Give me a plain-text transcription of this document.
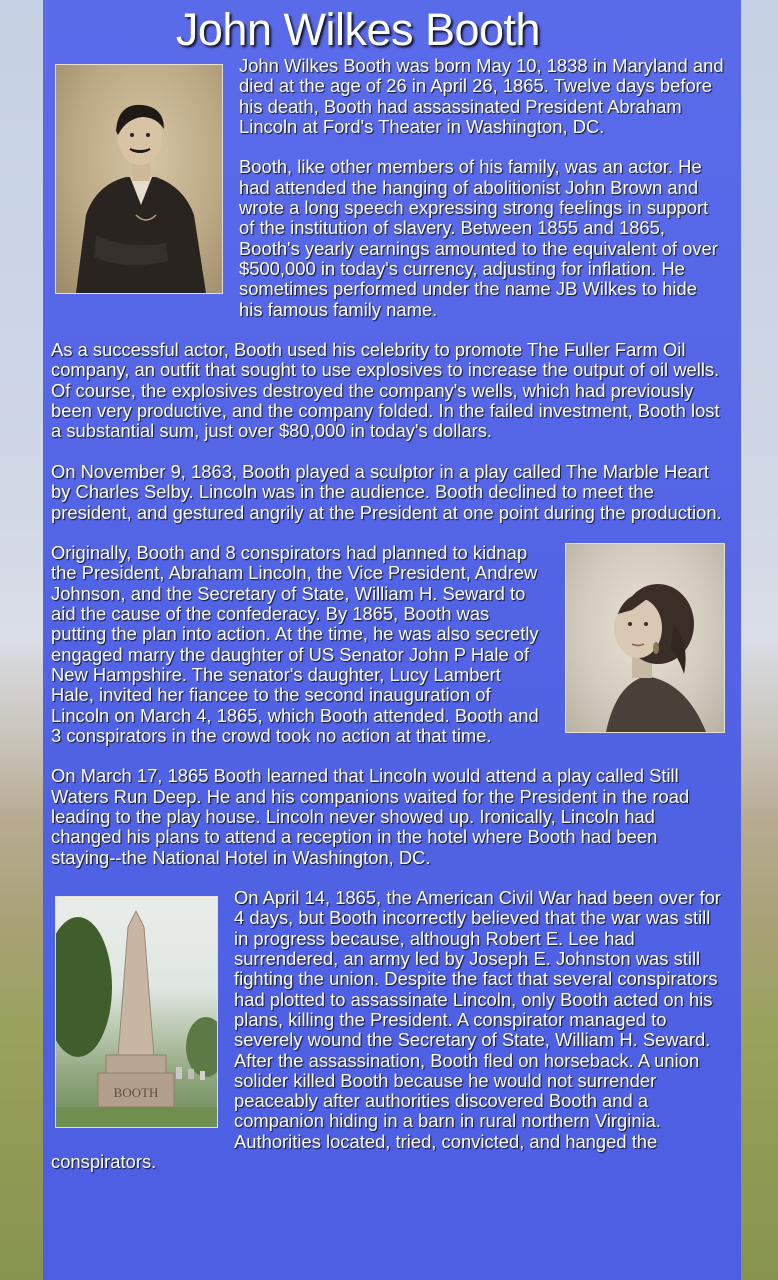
John Wilkes Booth

John Wilkes Booth was born May 10, 1838 in Maryland and died at the age of 26 in April 26, 1865. Twelve days before his death, Booth had assassinated President Abraham Lincoln at Ford's Theater in Washington, DC.

Booth, like other members of his family, was an actor. He had attended the hanging of abolitionist John Brown and wrote a long speech expressing strong feelings in support of the institution of slavery. Between 1855 and 1865, Booth's yearly earnings amounted to the equivalent of over $500,000 in today's currency, adjusting for inflation. He sometimes performed under the name JB Wilkes to hide his famous family name.

As a successful actor, Booth used his celebrity to promote The Fuller Farm Oil company, an outfit that sought to use explosives to increase the output of oil wells. Of course, the explosives destroyed the company's wells, which had previously been very productive, and the company folded. In the failed investment, Booth lost a substantial sum, just over $80,000 in today's dollars.

On November 9, 1863, Booth played a sculptor in a play called The Marble Heart by Charles Selby. Lincoln was in the audience. Booth declined to meet the president, and gestured angrily at the President at one point during the production.

Originally, Booth and 8 conspirators had planned to kidnap the President, Abraham Lincoln, the Vice President, Andrew Johnson, and the Secretary of State, William H. Seward to aid the cause of the confederacy. By 1865, Booth was putting the plan into action. At the time, he was also secretly engaged marry the daughter of US Senator John P Hale of New Hampshire. The senator's daughter, Lucy Lambert Hale, invited her fiancee to the second inauguration of Lincoln on March 4, 1865, which Booth attended. Booth and 3 conspirators in the crowd took no action at that time.

On March 17, 1865 Booth learned that Lincoln would attend a play called Still Waters Run Deep. He and his companions waited for the President in the road leading to the play house. Lincoln never showed up. Ironically, Lincoln had changed his plans to attend a reception in the hotel where Booth had been staying--the National Hotel in Washington, DC.

BOOTH

On April 14, 1865, the American Civil War had been over for 4 days, but Booth incorrectly believed that the war was still in progress because, although Robert E. Lee had surrendered, an army led by Joseph E. Johnston was still fighting the union. Despite the fact that several conspirators had plotted to assassinate Lincoln, only Booth acted on his plans, killing the President. A conspirator managed to severely wound the Secretary of State, William H. Seward. After the assassination, Booth fled on horseback. A union solider killed Booth because he would not surrender peaceably after authorities discovered Booth and a companion hiding in a barn in rural northern Virginia. Authorities located, tried, convicted, and hanged the conspirators.
